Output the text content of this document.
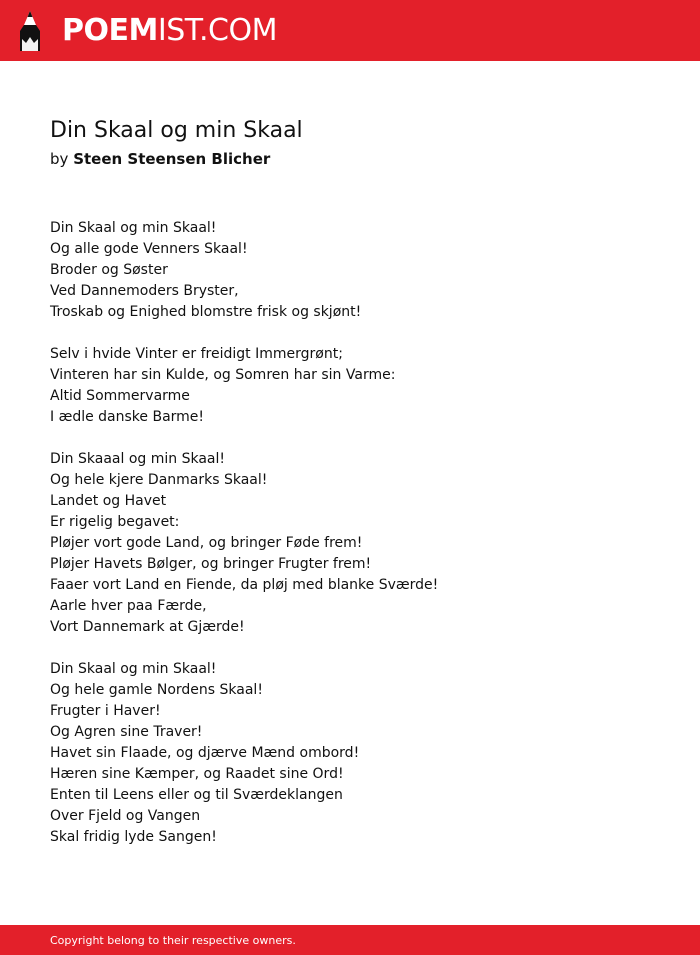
POEMIST.COM
Din Skaal og min Skaal
by Steen Steensen Blicher
Din Skaal og min Skaal!
Og alle gode Venners Skaal!
Broder og Søster
Ved Dannemoders Bryster,
Troskab og Enighed blomstre frisk og skjønt!
Selv i hvide Vinter er freidigt Immergrønt;
Vinteren har sin Kulde, og Somren har sin Varme:
Altid Sommervarme
I ædle danske Barme!
Din Skaaal og min Skaal!
Og hele kjere Danmarks Skaal!
Landet og Havet
Er rigelig begavet:
Pløjer vort gode Land, og bringer Føde frem!
Pløjer Havets Bølger, og bringer Frugter frem!
Faaer vort Land en Fiende, da pløj med blanke Sværde!
Aarle hver paa Færde,
Vort Dannemark at Gjærde!
Din Skaal og min Skaal!
Og hele gamle Nordens Skaal!
Frugter i Haver!
Og Agren sine Traver!
Havet sin Flaade, og djærve Mænd ombord!
Hæren sine Kæmper, og Raadet sine Ord!
Enten til Leens eller og til Sværdeklangen
Over Fjeld og Vangen
Skal fridig lyde Sangen!
Copyright belong to their respective owners.
